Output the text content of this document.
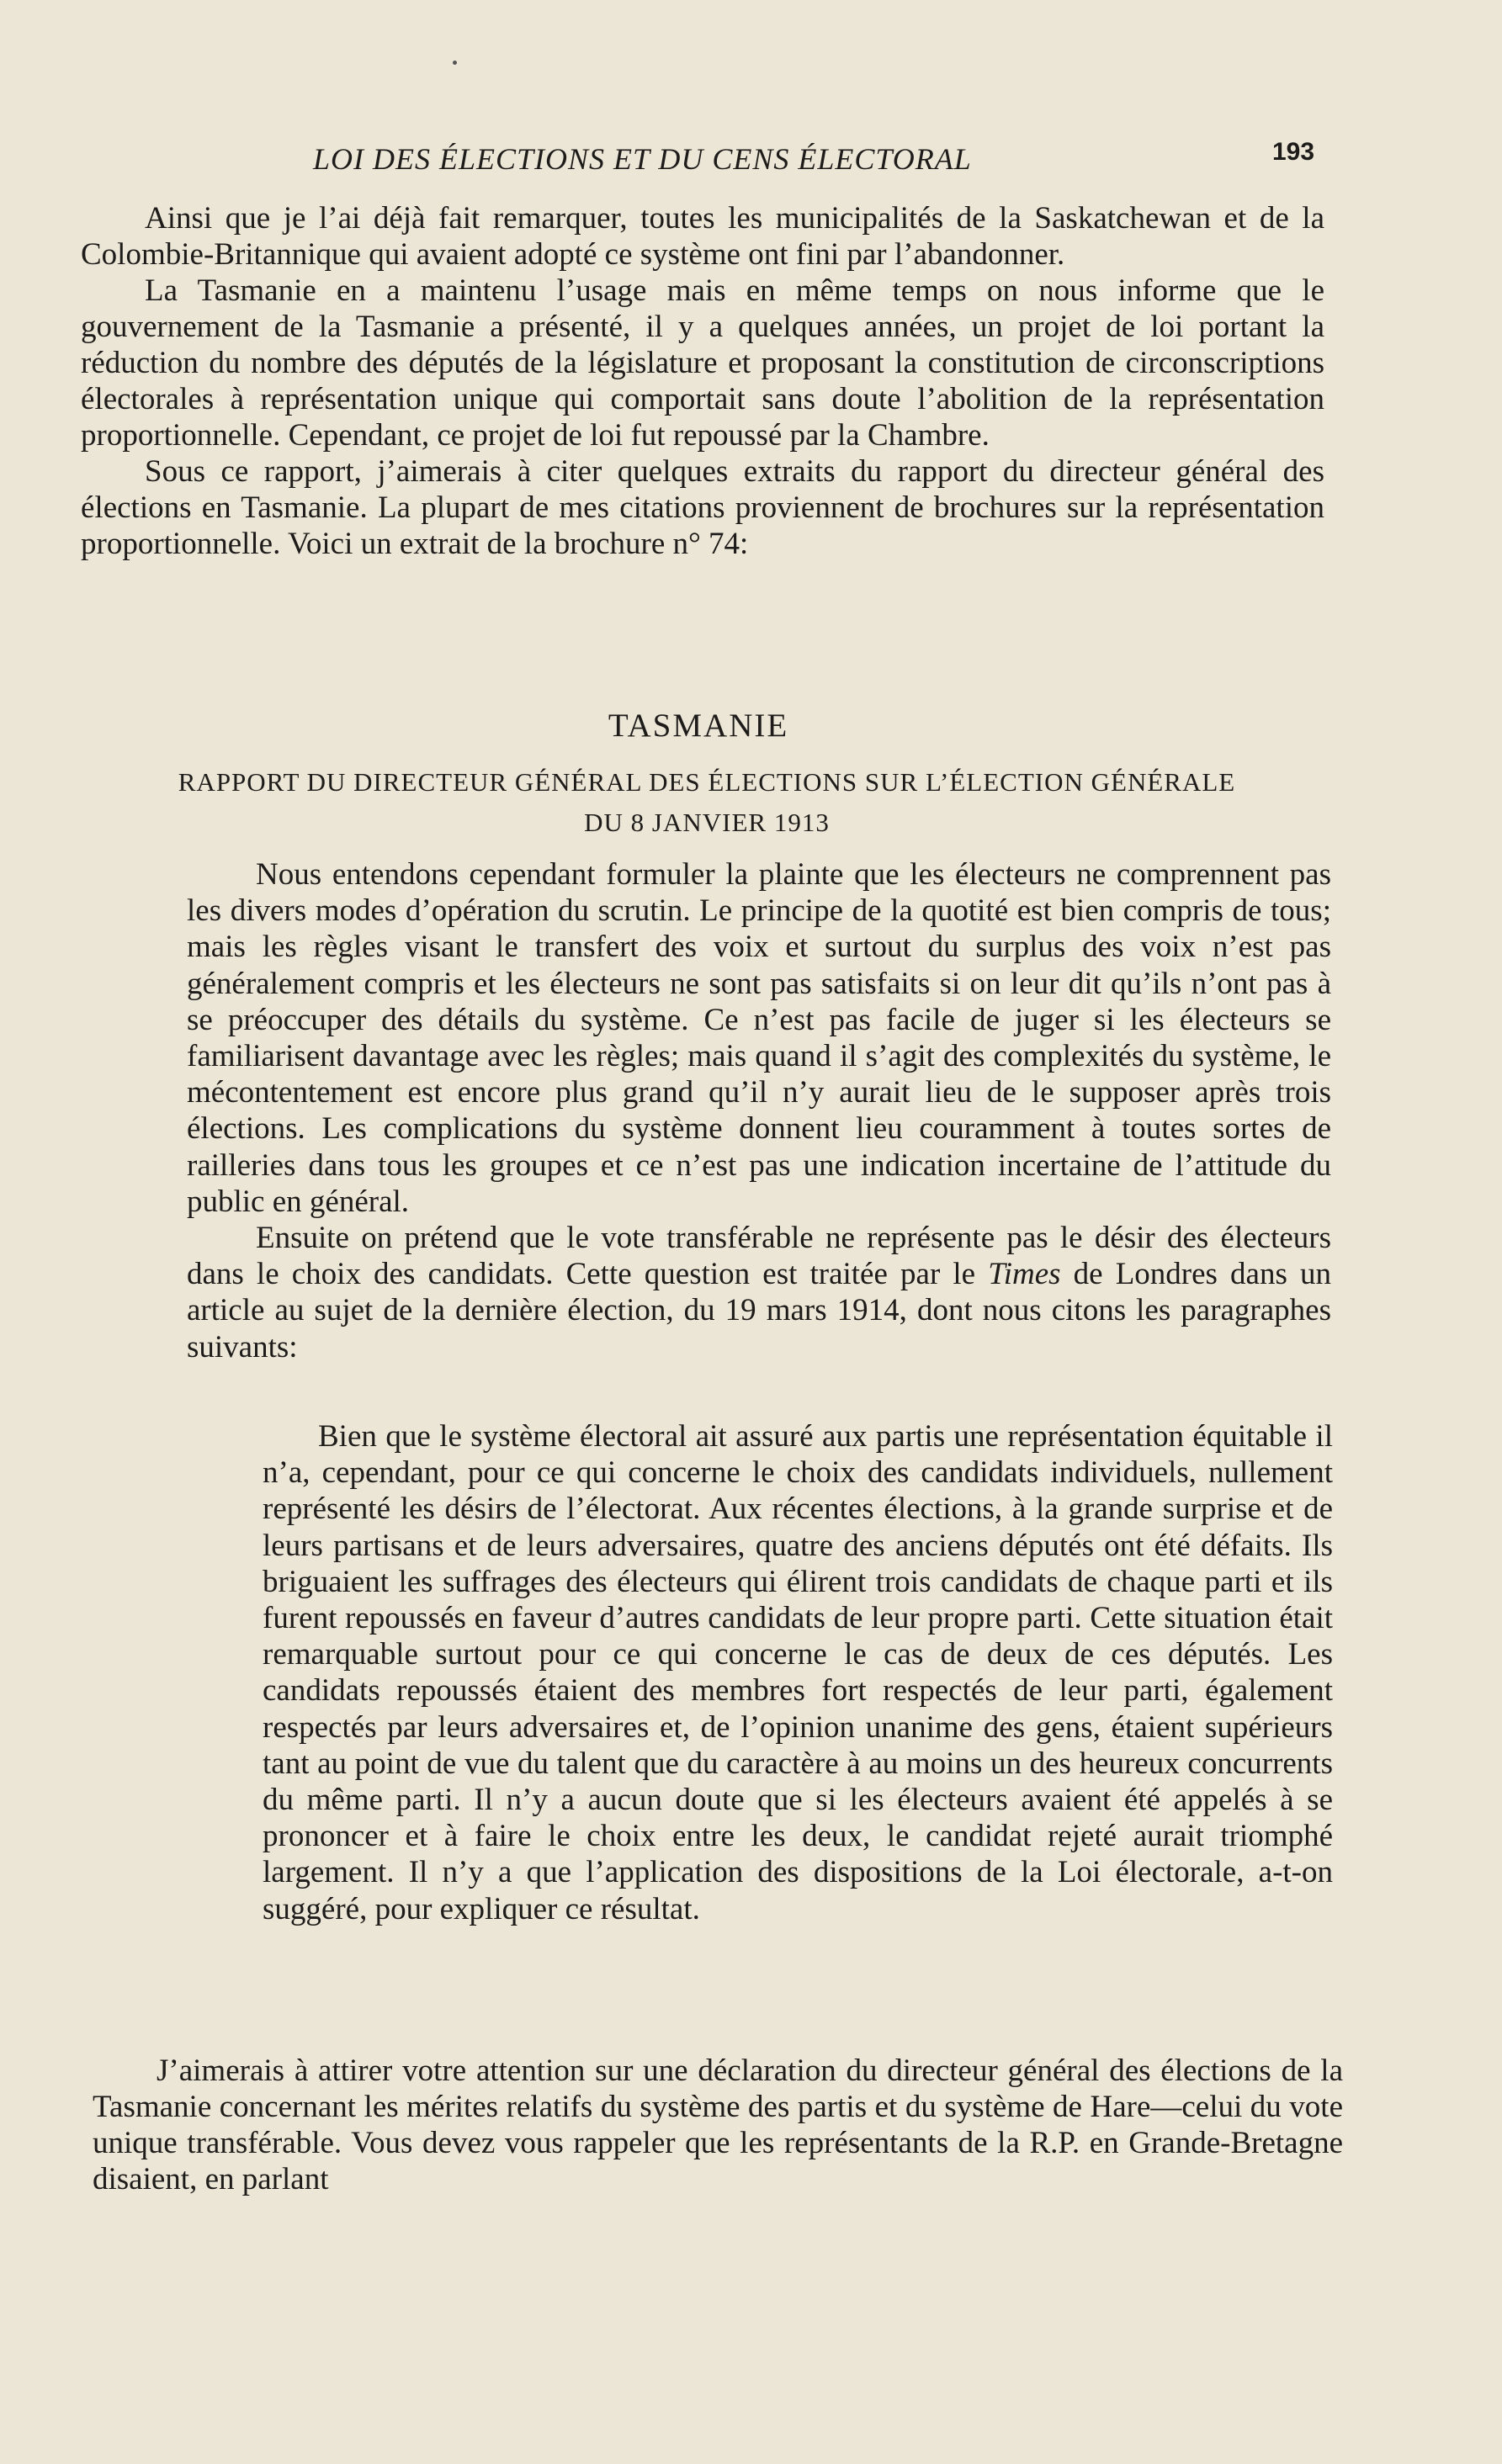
LOI DES ÉLECTIONS ET DU CENS ÉLECTORAL	193

Ainsi que je l’ai déjà fait remarquer, toutes les municipalités de la Saskatchewan et de la Colombie-Britannique qui avaient adopté ce système ont fini par l’abandonner.

La Tasmanie en a maintenu l’usage mais en même temps on nous informe que le gouvernement de la Tasmanie a présenté, il y a quelques années, un projet de loi portant la réduction du nombre des députés de la législature et proposant la constitution de circonscriptions électorales à représentation unique qui comportait sans doute l’abolition de la représentation proportionnelle. Cependant, ce projet de loi fut repoussé par la Chambre.

Sous ce rapport, j’aimerais à citer quelques extraits du rapport du directeur général des élections en Tasmanie. La plupart de mes citations proviennent de brochures sur la représentation proportionnelle. Voici un extrait de la brochure n° 74:

TASMANIE
RAPPORT DU DIRECTEUR GÉNÉRAL DES ÉLECTIONS SUR L’ÉLECTION GÉNÉRALE
DU 8 JANVIER 1913

Nous entendons cependant formuler la plainte que les électeurs ne comprennent pas les divers modes d’opération du scrutin. Le principe de la quotité est bien compris de tous; mais les règles visant le transfert des voix et surtout du surplus des voix n’est pas généralement compris et les électeurs ne sont pas satisfaits si on leur dit qu’ils n’ont pas à se préoccuper des détails du système. Ce n’est pas facile de juger si les électeurs se familiarisent davantage avec les règles; mais quand il s’agit des complexités du système, le mécontentement est encore plus grand qu’il n’y aurait lieu de le supposer après trois élections. Les complications du système donnent lieu couramment à toutes sortes de railleries dans tous les groupes et ce n’est pas une indication incertaine de l’attitude du public en général.

Ensuite on prétend que le vote transférable ne représente pas le désir des électeurs dans le choix des candidats. Cette question est traitée par le Times de Londres dans un article au sujet de la dernière élection, du 19 mars 1914, dont nous citons les paragraphes suivants:

Bien que le système électoral ait assuré aux partis une représentation équitable il n’a, cependant, pour ce qui concerne le choix des candidats individuels, nullement représenté les désirs de l’électorat. Aux récentes élections, à la grande surprise et de leurs partisans et de leurs adversaires, quatre des anciens députés ont été défaits. Ils briguaient les suffrages des électeurs qui élirent trois candidats de chaque parti et ils furent repoussés en faveur d’autres candidats de leur propre parti. Cette situation était remarquable surtout pour ce qui concerne le cas de deux de ces députés. Les candidats repoussés étaient des membres fort respectés de leur parti, également respectés par leurs adversaires et, de l’opinion unanime des gens, étaient supérieurs tant au point de vue du talent que du caractère à au moins un des heureux concurrents du même parti. Il n’y a aucun doute que si les électeurs avaient été appelés à se prononcer et à faire le choix entre les deux, le candidat rejeté aurait triomphé largement. Il n’y a que l’application des dispositions de la Loi électorale, a-t-on suggéré, pour expliquer ce résultat.

J’aimerais à attirer votre attention sur une déclaration du directeur général des élections de la Tasmanie concernant les mérites relatifs du système des partis et du système de Hare—celui du vote unique transférable. Vous devez vous rappeler que les représentants de la R.P. en Grande-Bretagne disaient, en parlant
